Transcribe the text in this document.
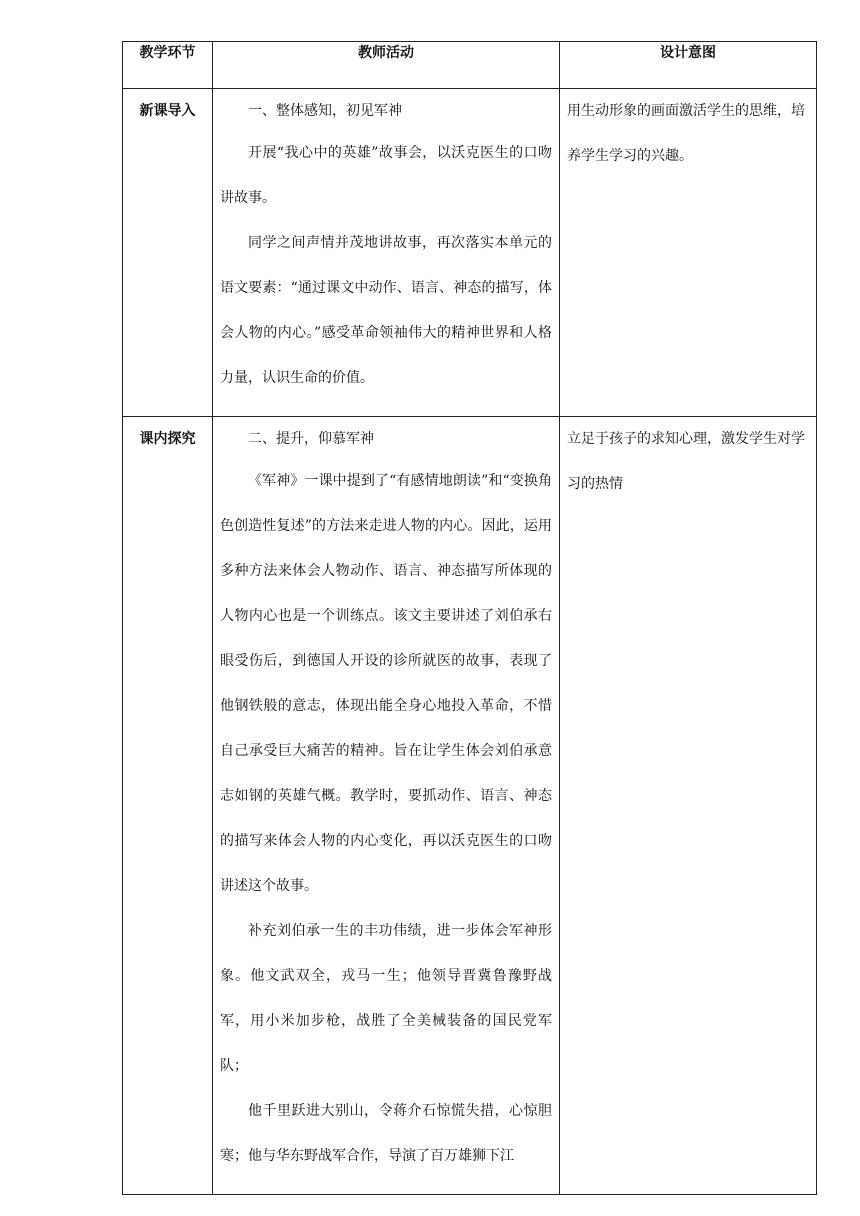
教学环节	教师活动	设计意图
新课导入	一、整体感知，初见军神

开展“我心中的英雄”故事会，以沃克医生的口吻讲故事。

同学之间声情并茂地讲故事，再次落实本单元的语文要素：“通过课文中动作、语言、神态的描写，体会人物的内心。”感受革命领袖伟大的精神世界和人格力量，认识生命的价值。	用生动形象的画面激活学生的思维，培养学生学习的兴趣。

课内探究	二、提升，仰慕军神

《军神》一课中提到了“有感情地朗读”和“变换角色创造性复述”的方法来走进人物的内心。因此，运用多种方法来体会人物动作、语言、神态描写所体现的人物内心也是一个训练点。该文主要讲述了刘伯承右眼受伤后，到德国人开设的诊所就医的故事，表现了他钢铁般的意志，体现出能全身心地投入革命，不惜自己承受巨大痛苦的精神。旨在让学生体会刘伯承意志如钢的英雄气概。教学时，要抓动作、语言、神态的描写来体会人物的内心变化，再以沃克医生的口吻讲述这个故事。

补充刘伯承一生的丰功伟绩，进一步体会军神形象。他文武双全，戎马一生；他领导晋冀鲁豫野战军，用小米加步枪，战胜了全美械装备的国民党军队；

他千里跃进大别山，令蒋介石惊慌失措，心惊胆寒；他与华东野战军合作，导演了百万雄狮下江	立足于孩子的求知心理，激发学生对学习的热情
